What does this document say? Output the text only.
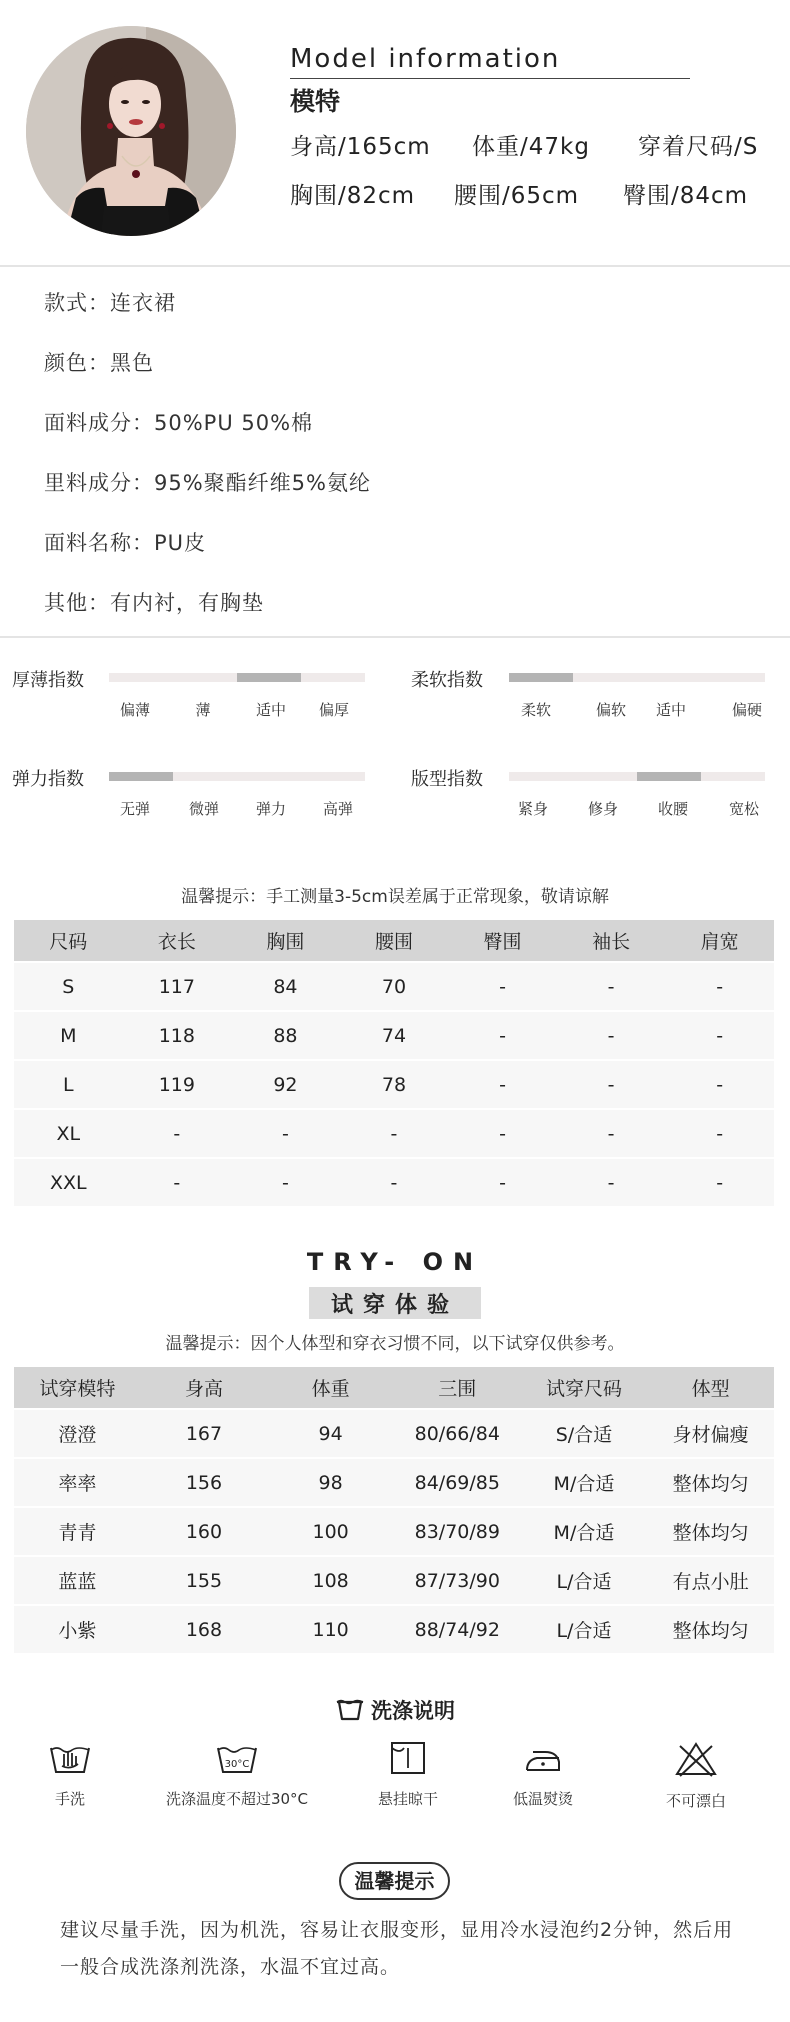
Model information
模特
身高/165cm 体重/47kg 穿着尺码/S
胸围/82cm 腰围/65cm 臀围/84cm
款式：连衣裙
颜色：黑色
面料成分：50%PU 50%棉
里料成分：95%聚酯纤维5%氨纶
面料名称：PU皮
其他：有内衬，有胸垫
厚薄指数
偏薄	薄	适中 偏厚
柔软指数
柔软	偏软 适中	偏硬
弹力指数
无弹	微弹 弹力 高弹
版型指数
紧身	修身	收腰	宽松
温馨提示：手工测量3-5cm误差属于正常现象，敬请谅解
尺码	衣长	胸围	腰围	臀围	袖长	肩宽
S	117	84	70	-	-	-
M	118	88	74	-	-	-
L	119	92	78	-	-	-
XL	-	-	-	-	-	-
XXL	-	-	-	-	-	-
TRY- ON
试穿体验
温馨提示：因个人体型和穿衣习惯不同，以下试穿仅供参考。
试穿模特	身高	体重	三围	试穿尺码	体型
澄澄	167	94	80/66/84	S/合适	身材偏瘦
率率	156	98	84/69/85	M/合适	整体均匀
青青	160	100	83/70/89	M/合适	整体均匀
蓝蓝	155	108	87/73/90	L/合适	有点小肚
小紫	168	110	88/74/92	L/合适	整体均匀
洗涤说明
手洗
30°C
洗涤温度不超过30°C	悬挂晾干	低温熨烫	不可漂白
温馨提示
建议尽量手洗，因为机洗，容易让衣服变形，显用冷水浸泡约2分钟，然后用一般合成洗涤剂洗涤，水温不宜过高。
